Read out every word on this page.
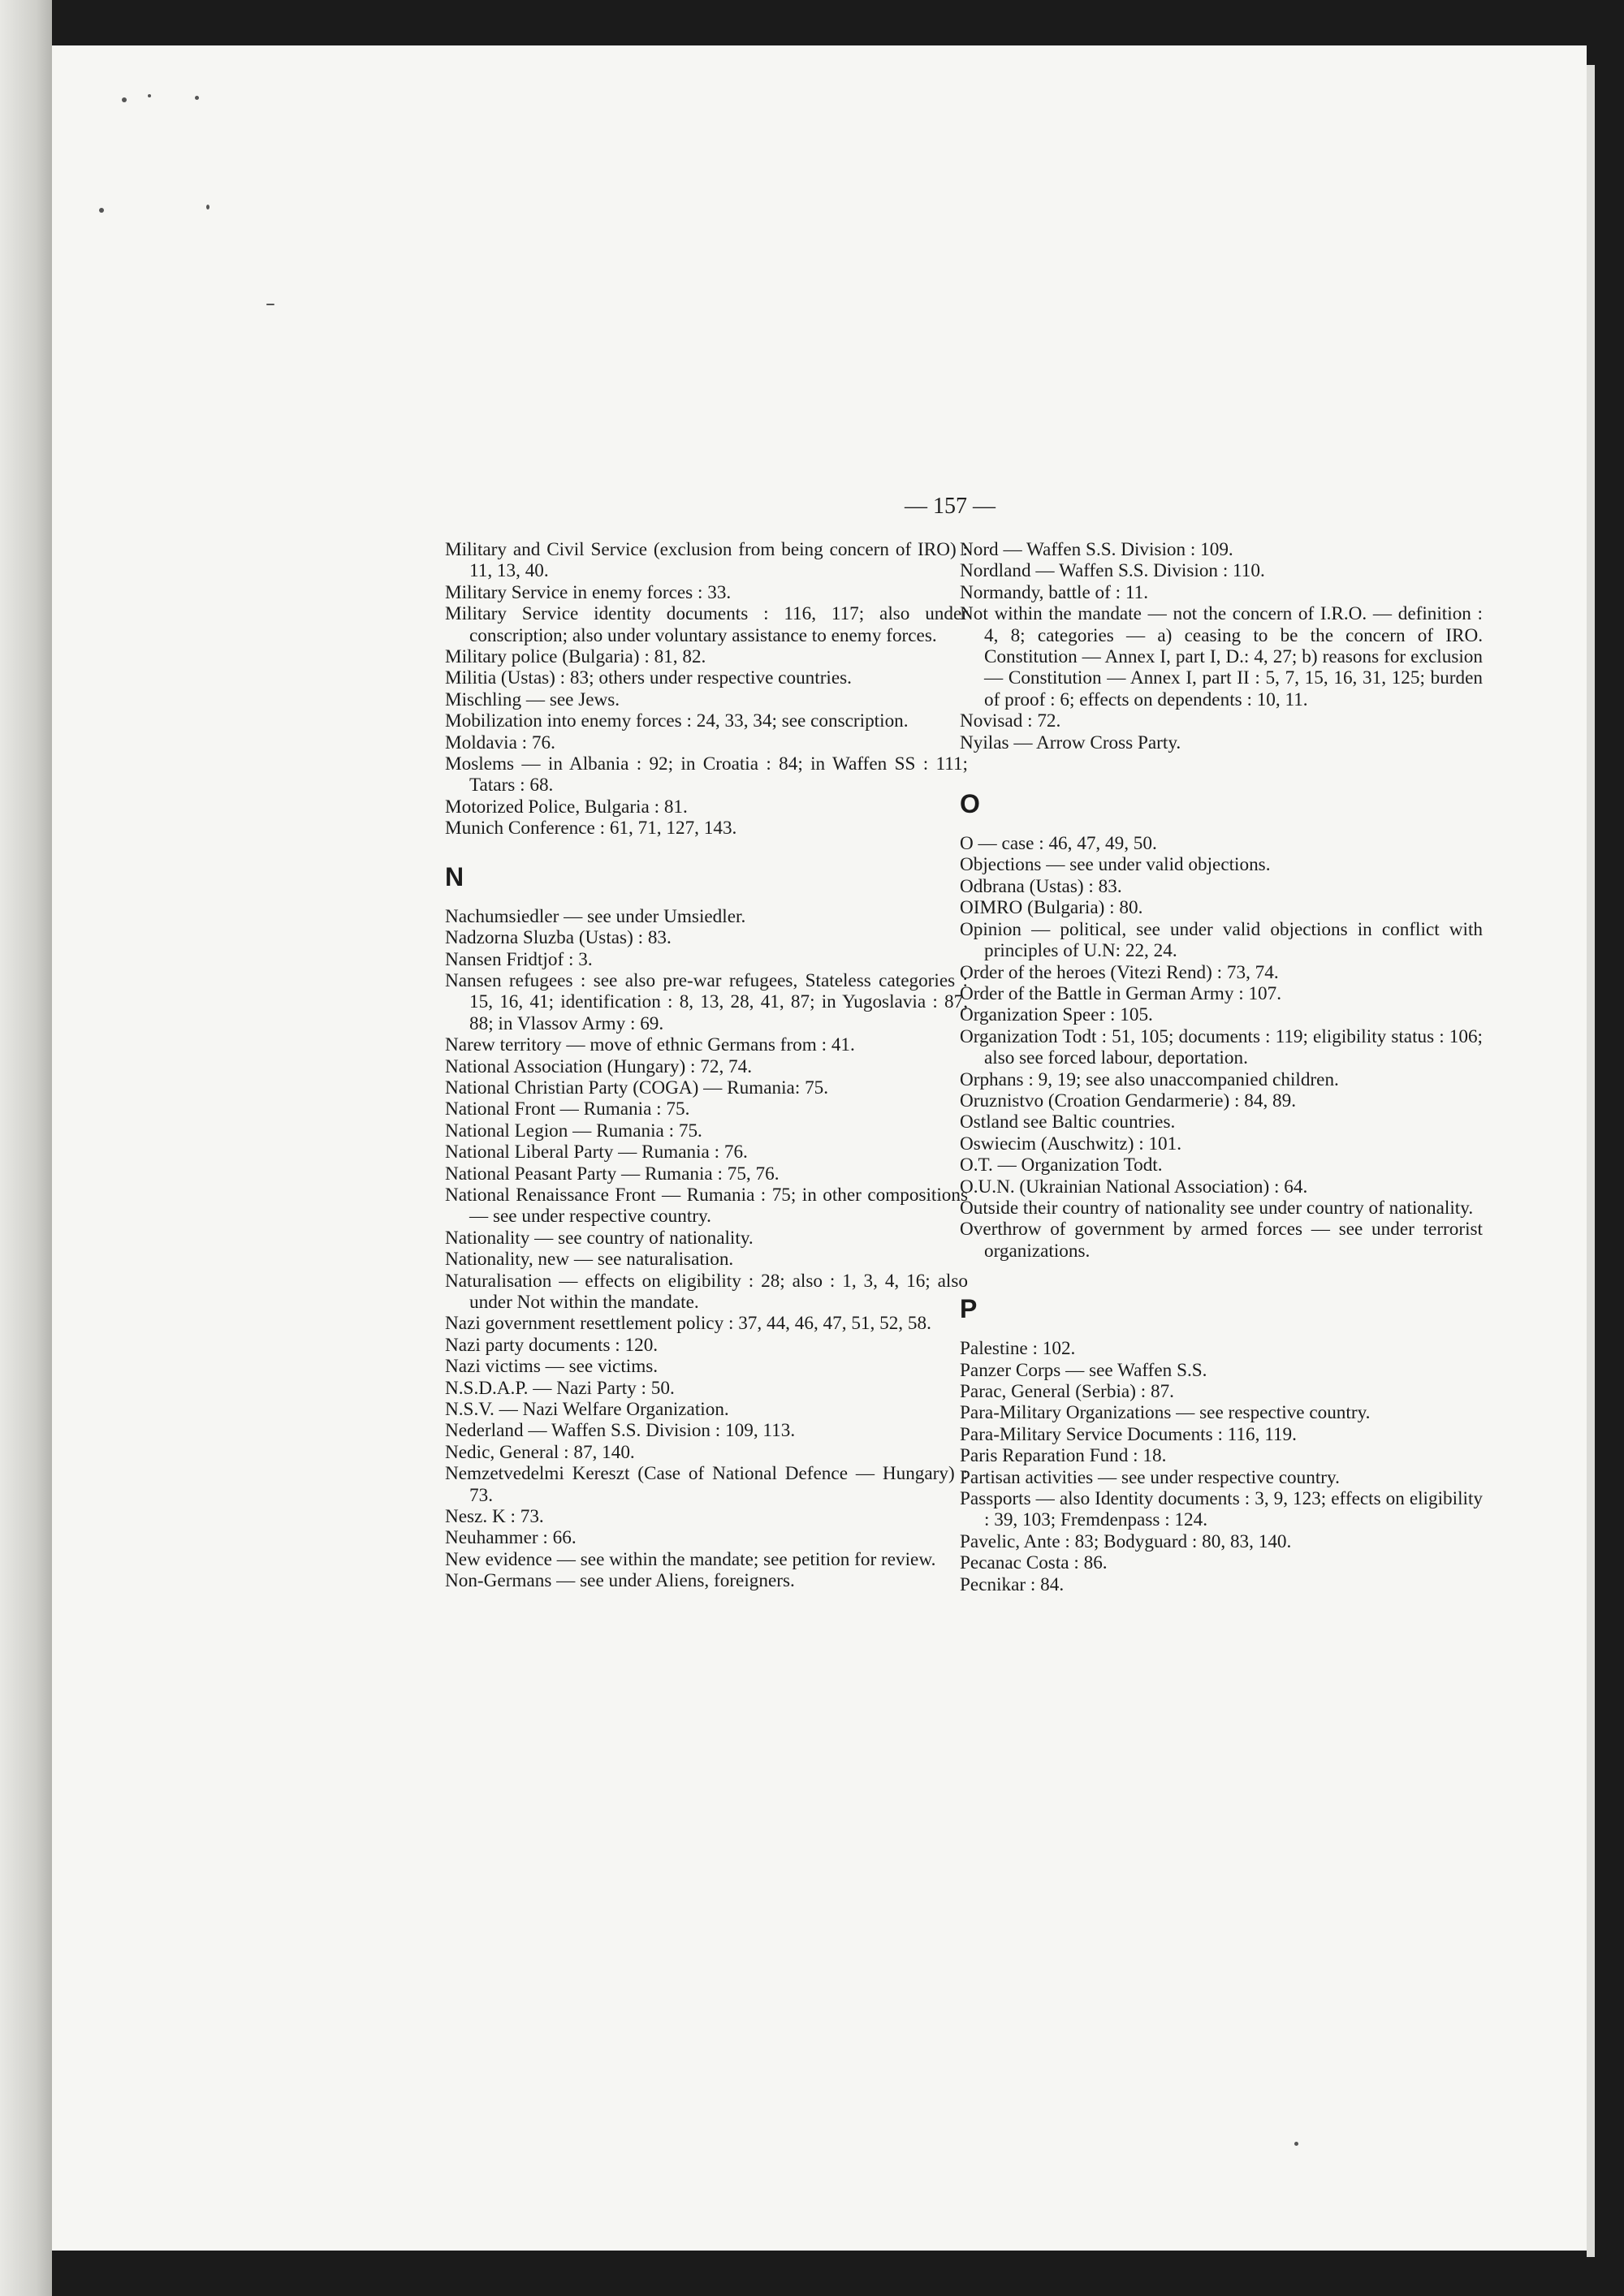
— 157 —

Military and Civil Service (exclusion from being concern of IRO) : 11, 13, 40.

Military Service in enemy forces : 33.

Military Service identity documents : 116, 117; also under conscription; also under voluntary assistance to enemy forces.

Military police (Bulgaria) : 81, 82.

Militia (Ustas) : 83; others under respective countries.

Mischling — see Jews.

Mobilization into enemy forces : 24, 33, 34; see conscription.

Moldavia : 76.

Moslems — in Albania : 92; in Croatia : 84; in Waffen SS : 111; Tatars : 68.

Motorized Police, Bulgaria : 81.

Munich Conference : 61, 71, 127, 143.

N

Nachumsiedler — see under Umsiedler.

Nadzorna Sluzba (Ustas) : 83.

Nansen Fridtjof : 3.

Nansen refugees : see also pre-war refugees, Stateless categories : 15, 16, 41; identification : 8, 13, 28, 41, 87; in Yugoslavia : 87, 88; in Vlassov Army : 69.

Narew territory — move of ethnic Germans from : 41.

National Association (Hungary) : 72, 74.

National Christian Party (COGA) — Rumania: 75.

National Front — Rumania : 75.

National Legion — Rumania : 75.

National Liberal Party — Rumania : 76.

National Peasant Party — Rumania : 75, 76.

National Renaissance Front — Rumania : 75; in other compositions — see under respective country.

Nationality — see country of nationality.

Nationality, new — see naturalisation.

Naturalisation — effects on eligibility : 28; also : 1, 3, 4, 16; also under Not within the mandate.

Nazi government resettlement policy : 37, 44, 46, 47, 51, 52, 58.

Nazi party documents : 120.

Nazi victims — see victims.

N.S.D.A.P. — Nazi Party : 50.

N.S.V. — Nazi Welfare Organization.

Nederland — Waffen S.S. Division : 109, 113.

Nedic, General : 87, 140.

Nemzetvedelmi Kereszt (Case of National Defence — Hungary) : 73.

Nesz. K : 73.

Neuhammer : 66.

New evidence — see within the mandate; see petition for review.

Non-Germans — see under Aliens, foreigners.

Nord — Waffen S.S. Division : 109.

Nordland — Waffen S.S. Division : 110.

Normandy, battle of : 11.

Not within the mandate — not the concern of I.R.O. — definition : 4, 8; categories — a) ceasing to be the concern of IRO. Constitution — Annex I, part I, D.: 4, 27; b) reasons for exclusion — Constitution — Annex I, part II : 5, 7, 15, 16, 31, 125; burden of proof : 6; effects on dependents : 10, 11.

Novisad : 72.

Nyilas — Arrow Cross Party.

O

O — case : 46, 47, 49, 50.

Objections — see under valid objections.

Odbrana (Ustas) : 83.

OIMRO (Bulgaria) : 80.

Opinion — political, see under valid objections in conflict with principles of U.N: 22, 24.

Order of the heroes (Vitezi Rend) : 73, 74.

Order of the Battle in German Army : 107.

Organization Speer : 105.

Organization Todt : 51, 105; documents : 119; eligibility status : 106; also see forced labour, deportation.

Orphans : 9, 19; see also unaccompanied children.

Oruznistvo (Croation Gendarmerie) : 84, 89.

Ostland see Baltic countries.

Oswiecim (Auschwitz) : 101.

O.T. — Organization Todt.

O.U.N. (Ukrainian National Association) : 64.

Outside their country of nationality see under country of nationality.

Overthrow of government by armed forces — see under terrorist organizations.

P

Palestine : 102.

Panzer Corps — see Waffen S.S.

Parac, General (Serbia) : 87.

Para-Military Organizations — see respective country.

Para-Military Service Documents : 116, 119.

Paris Reparation Fund : 18.

Partisan activities — see under respective country.

Passports — also Identity documents : 3, 9, 123; effects on eligibility : 39, 103; Fremdenpass : 124.

Pavelic, Ante : 83; Bodyguard : 80, 83, 140.

Pecanac Costa : 86.

Pecnikar : 84.
